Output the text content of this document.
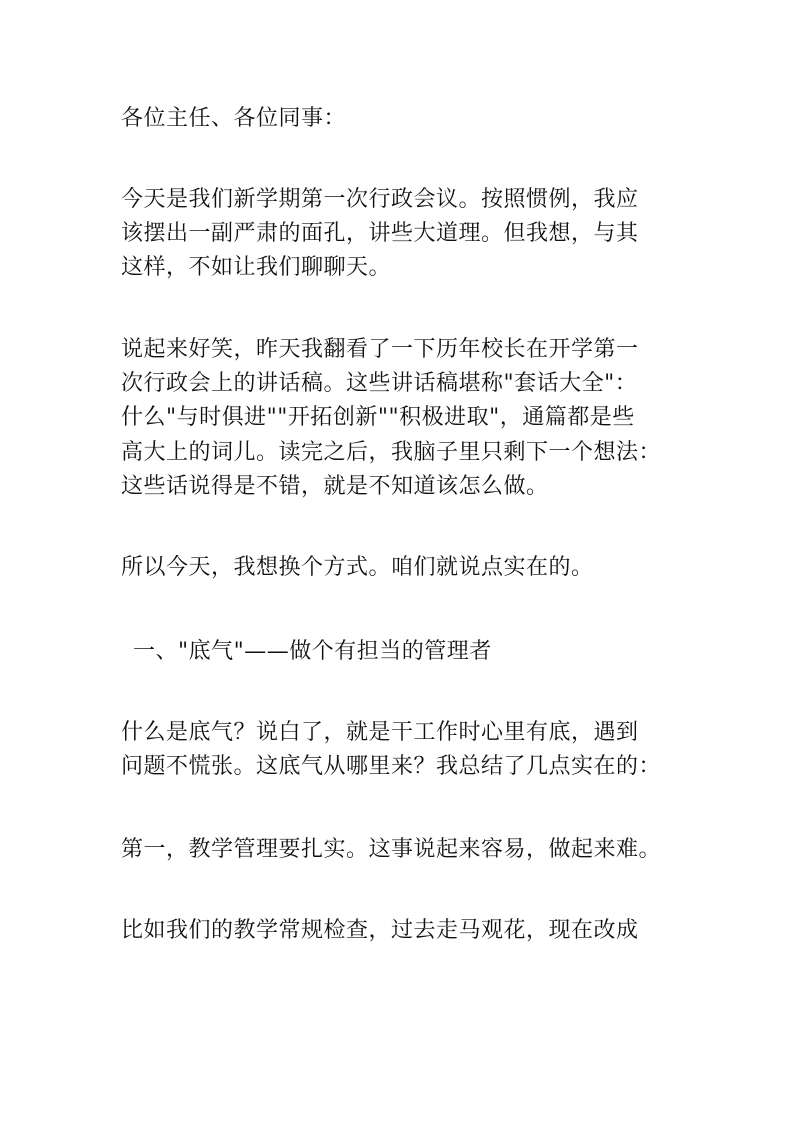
各位主任、各位同事：
今天是我们新学期第一次行政会议。按照惯例，我应
该摆出一副严肃的面孔，讲些大道理。但我想，与其
这样，不如让我们聊聊天。
说起来好笑，昨天我翻看了一下历年校长在开学第一
次行政会上的讲话稿。这些讲话稿堪称"套话大全"：
什么"与时俱进""开拓创新""积极进取"，通篇都是些
高大上的词儿。读完之后，我脑子里只剩下一个想法：
这些话说得是不错，就是不知道该怎么做。
所以今天，我想换个方式。咱们就说点实在的。
一、"底气"——做个有担当的管理者
什么是底气？说白了，就是干工作时心里有底，遇到
问题不慌张。这底气从哪里来？我总结了几点实在的：
第一，教学管理要扎实。这事说起来容易，做起来难。
比如我们的教学常规检查，过去走马观花，现在改成
